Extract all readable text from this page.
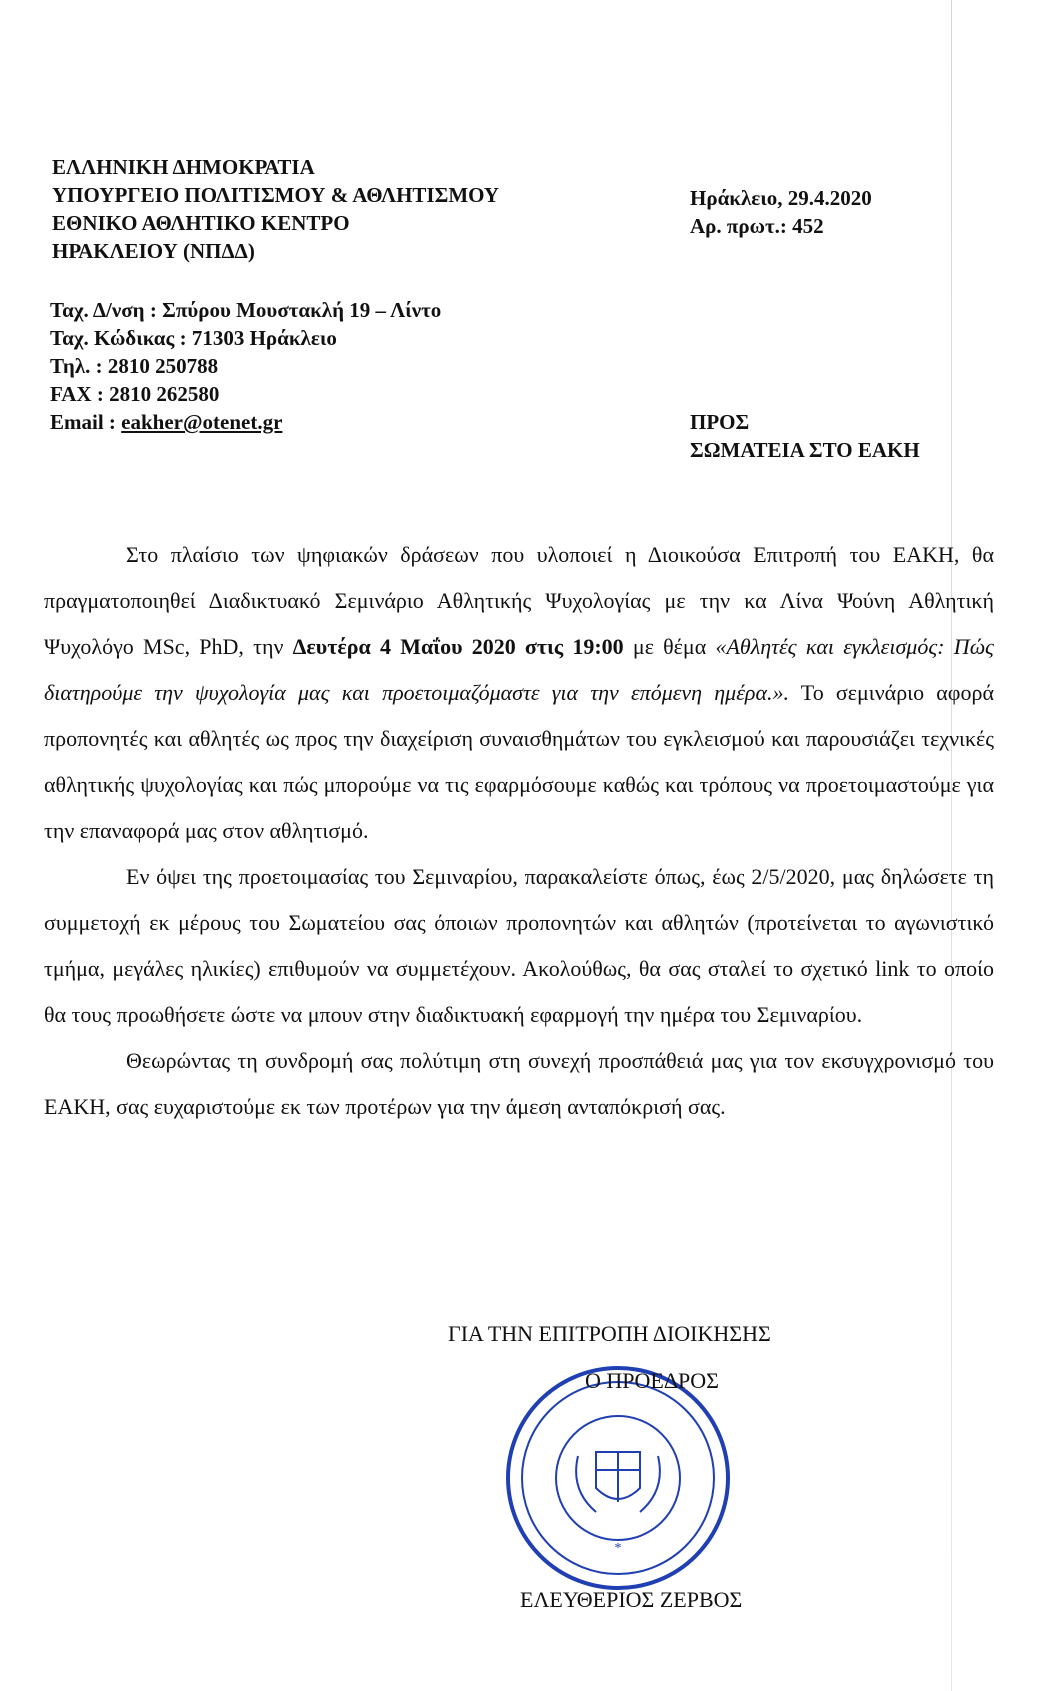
ΕΛΛΗΝΙΚΗ ΔΗΜΟΚΡΑΤΙΑ
ΥΠΟΥΡΓΕΙΟ ΠΟΛΙΤΙΣΜΟΥ & ΑΘΛΗΤΙΣΜΟΥ
ΕΘΝΙΚΟ ΑΘΛΗΤΙΚΟ ΚΕΝΤΡΟ
ΗΡΑΚΛΕΙΟΥ (ΝΠΔΔ)
Ηράκλειο, 29.4.2020
Αρ. πρωτ.: 452
Ταχ. Δ/νση : Σπύρου Μουστακλή 19 – Λίντο
Ταχ. Κώδικας : 71303 Ηράκλειο
Τηλ. : 2810 250788
FAX : 2810 262580
Email : eakher@otenet.gr	ΠΡΟΣ
ΣΩΜΑΤΕΙΑ ΣΤΟ ΕΑΚΗ

Στο πλαίσιο των ψηφιακών δράσεων που υλοποιεί η Διοικούσα Επιτροπή του ΕΑΚΗ, θα πραγματοποιηθεί Διαδικτυακό Σεμινάριο Αθλητικής Ψυχολογίας με την κα Λίνα Ψούνη Αθλητική Ψυχολόγο MSc, PhD, την Δευτέρα 4 Μαΐου 2020 στις 19:00 με θέμα «Αθλητές και εγκλεισμός: Πώς διατηρούμε την ψυχολογία μας και προετοιμαζόμαστε για την επόμενη ημέρα.». Το σεμινάριο αφορά προπονητές και αθλητές ως προς την διαχείριση συναισθημάτων του εγκλεισμού και παρουσιάζει τεχνικές αθλητικής ψυχολογίας και πώς μπορούμε να τις εφαρμόσουμε καθώς και τρόπους να προετοιμαστούμε για την επαναφορά μας στον αθλητισμό.

Εν όψει της προετοιμασίας του Σεμιναρίου, παρακαλείστε όπως, έως 2/5/2020, μας δηλώσετε τη συμμετοχή εκ μέρους του Σωματείου σας όποιων προπονητών και αθλητών (προτείνεται το αγωνιστικό τμήμα, μεγάλες ηλικίες) επιθυμούν να συμμετέχουν. Ακολούθως, θα σας σταλεί το σχετικό link το οποίο θα τους προωθήσετε ώστε να μπουν στην διαδικτυακή εφαρμογή την ημέρα του Σεμιναρίου.

Θεωρώντας τη συνδρομή σας πολύτιμη στη συνεχή προσπάθειά μας για τον εκσυγχρονισμό του ΕΑΚΗ, σας ευχαριστούμε εκ των προτέρων για την άμεση ανταπόκρισή σας.

ΓΙΑ ΤΗΝ ΕΠΙΤΡΟΠΗ ΔΙΟΙΚΗΣΗΣ
*
Ο ΠΡΟΕΔΡΟΣ
ΕΛΕΥΘΕΡΙΟΣ ΖΕΡΒΟΣ
